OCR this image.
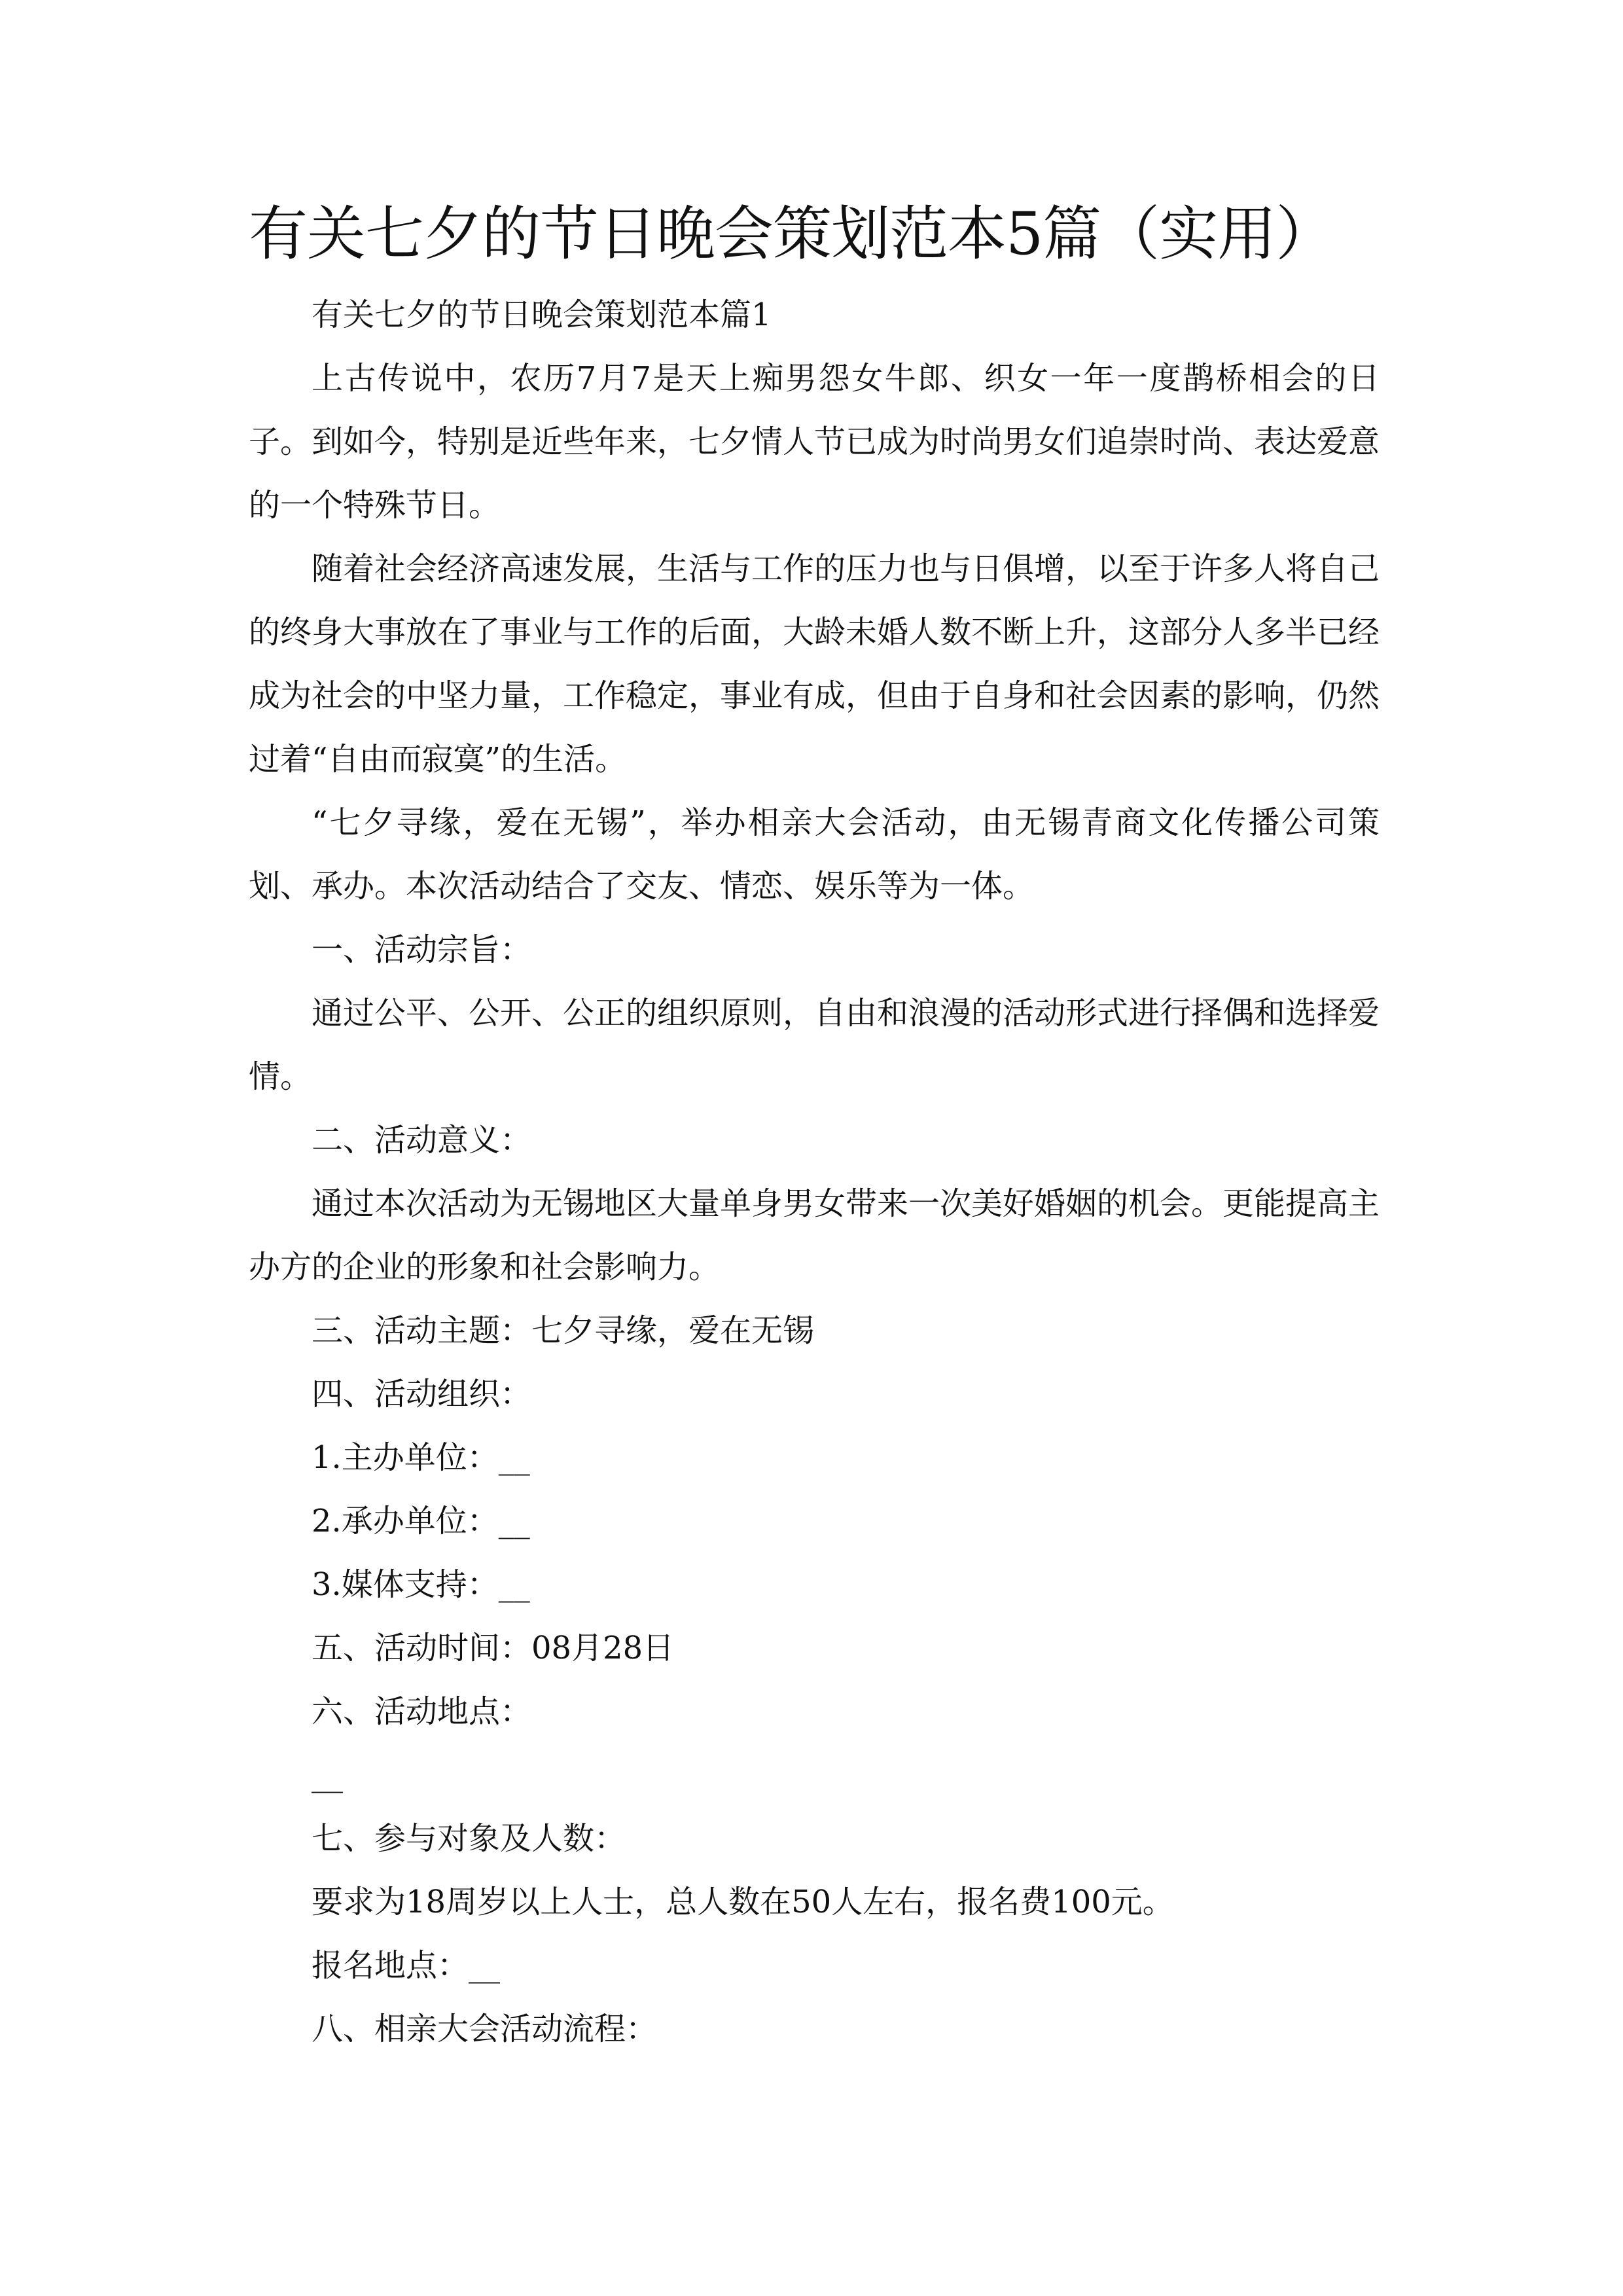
有关七夕的节日晚会策划范本5篇（实用）

有关七夕的节日晚会策划范本篇1

上古传说中，农历7月7是天上痴男怨女牛郎、织女一年一度鹊桥相会的日子。到如今，特别是近些年来，七夕情人节已成为时尚男女们追崇时尚、表达爱意的一个特殊节日。

随着社会经济高速发展，生活与工作的压力也与日俱增，以至于许多人将自己的终身大事放在了事业与工作的后面，大龄未婚人数不断上升，这部分人多半已经成为社会的中坚力量，工作稳定，事业有成，但由于自身和社会因素的影响，仍然过着“自由而寂寞”的生活。

“七夕寻缘，爱在无锡”，举办相亲大会活动，由无锡青商文化传播公司策划、承办。本次活动结合了交友、情恋、娱乐等为一体。

一、活动宗旨：

通过公平、公开、公正的组织原则，自由和浪漫的活动形式进行择偶和选择爱情。

二、活动意义：

通过本次活动为无锡地区大量单身男女带来一次美好婚姻的机会。更能提高主办方的企业的形象和社会影响力。

三、活动主题：七夕寻缘，爱在无锡

四、活动组织：

1.主办单位：__

2.承办单位：__

3.媒体支持：__

五、活动时间：08月28日

六、活动地点：

__

七、参与对象及人数：

要求为18周岁以上人士，总人数在50人左右，报名费100元。

报名地点：__

八、相亲大会活动流程：
